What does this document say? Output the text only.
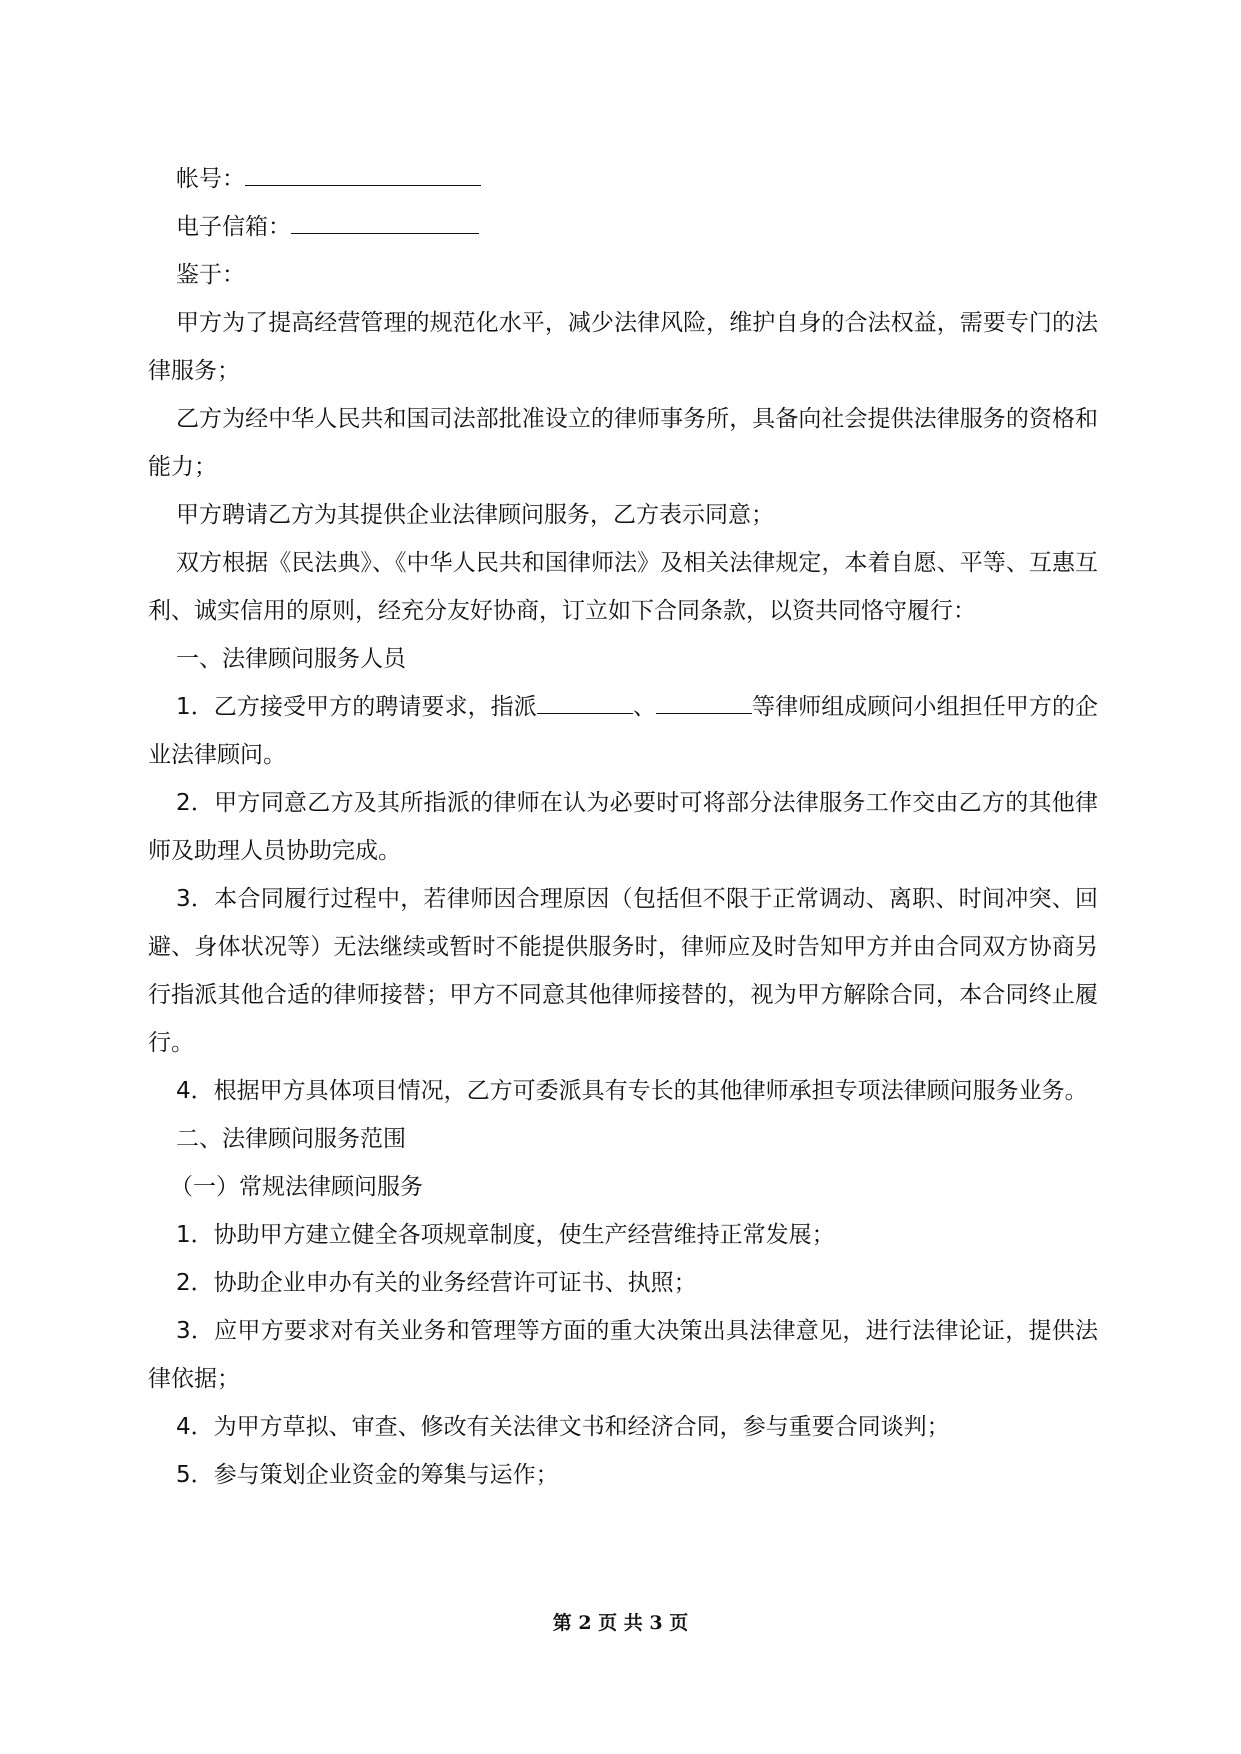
帐号：

电子信箱：

鉴于：

甲方为了提高经营管理的规范化水平，减少法律风险，维护自身的合法权益，需要专门的法律服务；

乙方为经中华人民共和国司法部批准设立的律师事务所，具备向社会提供法律服务的资格和能力；

甲方聘请乙方为其提供企业法律顾问服务，乙方表示同意；

双方根据《民法典》、《中华人民共和国律师法》及相关法律规定，本着自愿、平等、互惠互利、诚实信用的原则，经充分友好协商，订立如下合同条款，以资共同恪守履行：

一、法律顾问服务人员

1．乙方接受甲方的聘请要求，指派	、	等律师组成顾问小组担任甲方的企业法律顾问。

2．甲方同意乙方及其所指派的律师在认为必要时可将部分法律服务工作交由乙方的其他律师及助理人员协助完成。

3．本合同履行过程中，若律师因合理原因（包括但不限于正常调动、离职、时间冲突、回避、身体状况等）无法继续或暂时不能提供服务时，律师应及时告知甲方并由合同双方协商另行指派其他合适的律师接替；甲方不同意其他律师接替的，视为甲方解除合同，本合同终止履行。

4．根据甲方具体项目情况，乙方可委派具有专长的其他律师承担专项法律顾问服务业务。

二、法律顾问服务范围

（一）常规法律顾问服务

1．协助甲方建立健全各项规章制度，使生产经营维持正常发展；

2．协助企业申办有关的业务经营许可证书、执照；

3．应甲方要求对有关业务和管理等方面的重大决策出具法律意见，进行法律论证，提供法律依据；

4．为甲方草拟、审查、修改有关法律文书和经济合同，参与重要合同谈判；

5．参与策划企业资金的筹集与运作；

第 2 页 共 3 页
